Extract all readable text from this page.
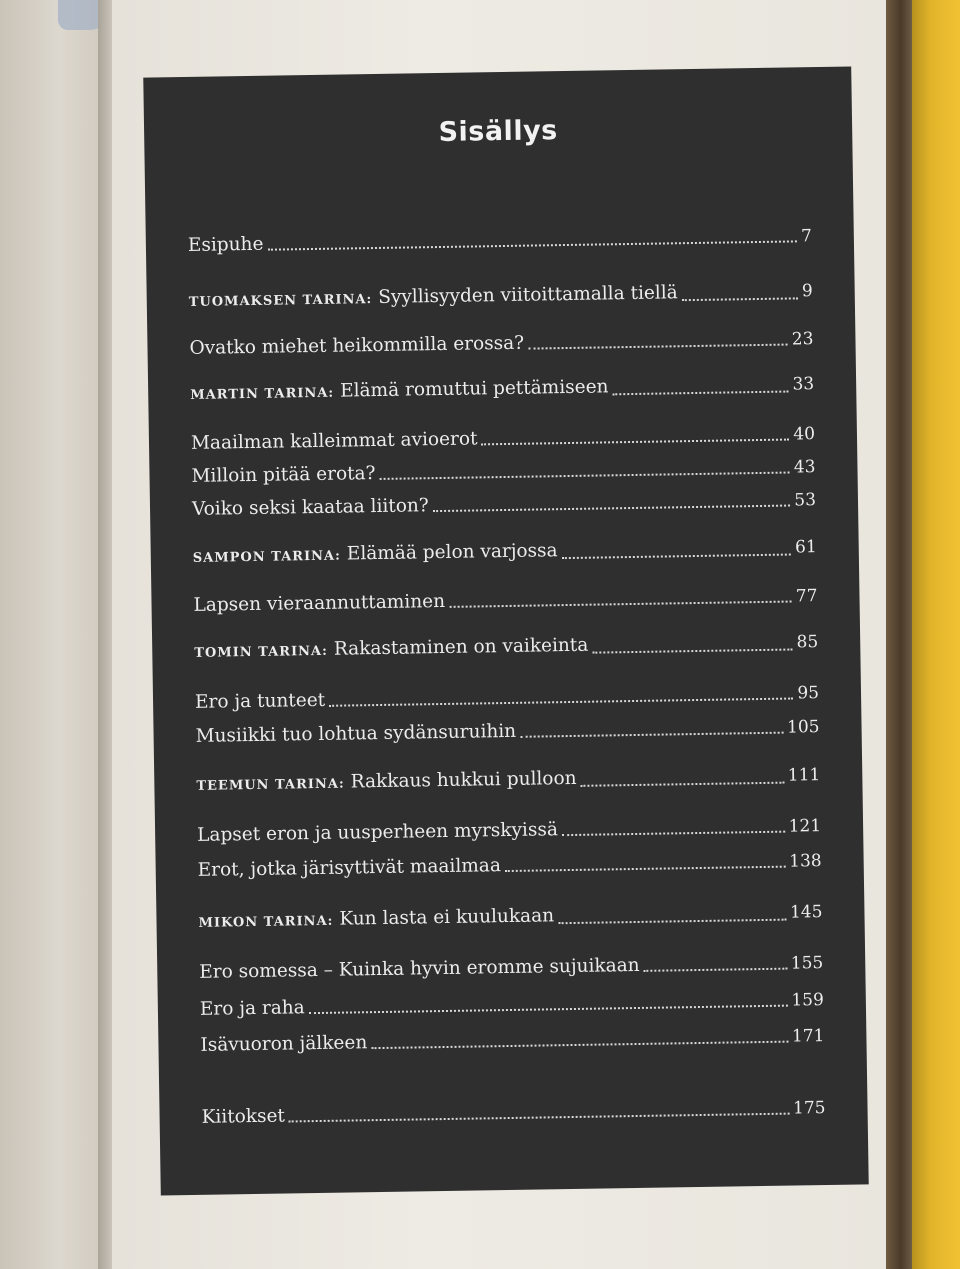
Sisällys
Esipuhe	7
TUOMAKSEN TARINA: Syyllisyyden viitoittamalla tiellä	9
Ovatko miehet heikommilla erossa?	23
MARTIN TARINA: Elämä romuttui pettämiseen	33
Maailman kalleimmat avioerot	40
Milloin pitää erota?	43
Voiko seksi kaataa liiton?	53
SAMPON TARINA: Elämää pelon varjossa	61
Lapsen vieraannuttaminen	77
TOMIN TARINA: Rakastaminen on vaikeinta	85
Ero ja tunteet	95
Musiikki tuo lohtua sydänsuruihin	105
TEEMUN TARINA: Rakkaus hukkui pulloon	111
Lapset eron ja uusperheen myrskyissä	121
Erot, jotka järisyttivät maailmaa	138
MIKON TARINA: Kun lasta ei kuulukaan	145
Ero somessa – Kuinka hyvin eromme sujuikaan	155
Ero ja raha	159
Isävuoron jälkeen	171
Kiitokset	175
